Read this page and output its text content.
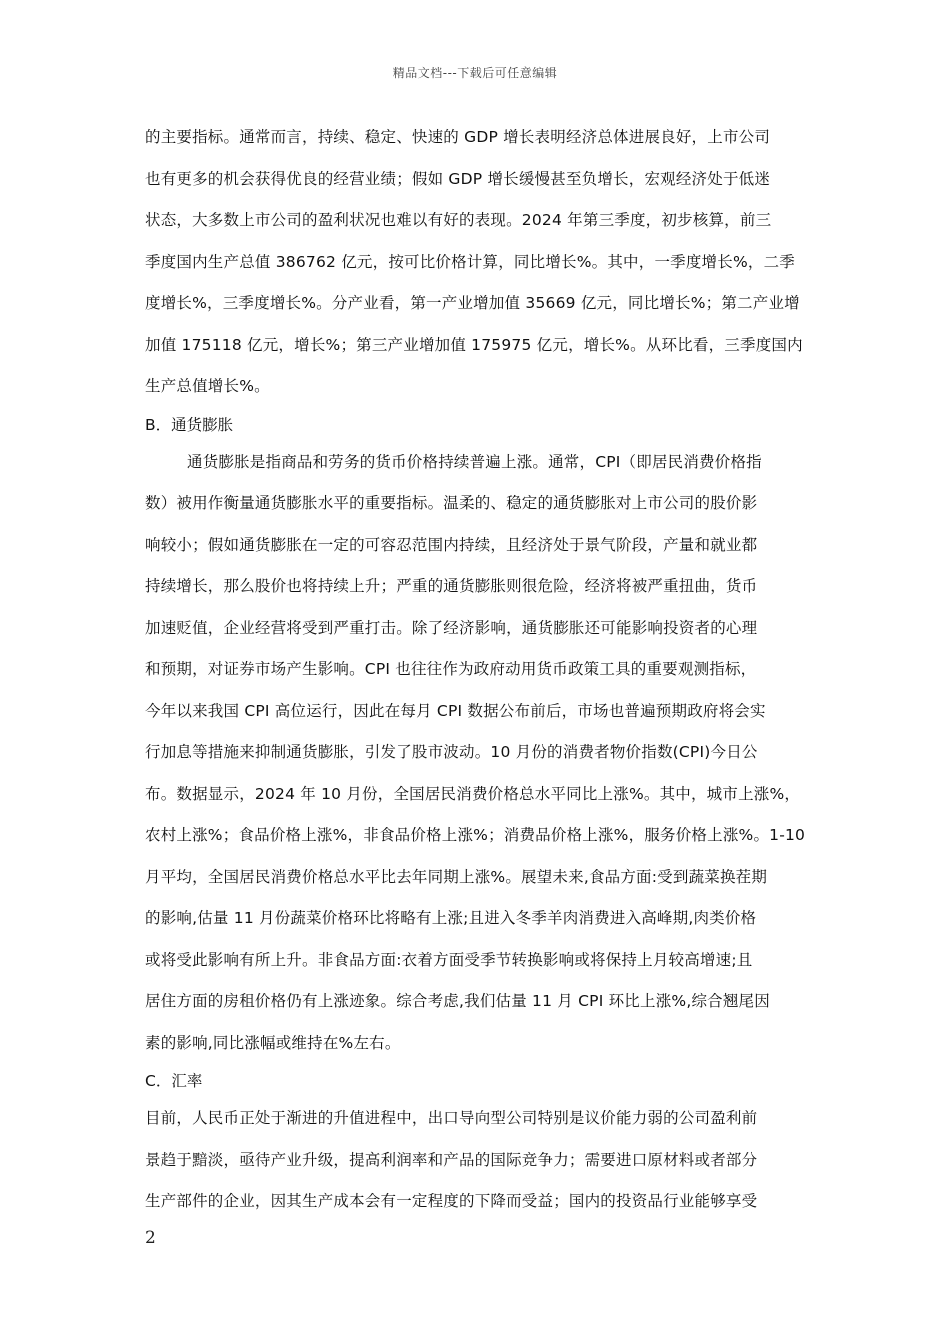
精品文档---下载后可任意编辑
的主要指标。通常而言，持续、稳定、快速的 GDP 增长表明经济总体进展良好，上市公司
也有更多的机会获得优良的经营业绩；假如 GDP 增长缓慢甚至负增长，宏观经济处于低迷
状态，大多数上市公司的盈利状况也难以有好的表现。2024 年第三季度，初步核算，前三
季度国内生产总值 386762 亿元，按可比价格计算，同比增长%。其中，一季度增长%，二季
度增长%，三季度增长%。分产业看，第一产业增加值 35669 亿元，同比增长%；第二产业增
加值 175118 亿元，增长%；第三产业增加值 175975 亿元，增长%。从环比看，三季度国内
生产总值增长%。
B．通货膨胀
通货膨胀是指商品和劳务的货币价格持续普遍上涨。通常，CPI（即居民消费价格指
数）被用作衡量通货膨胀水平的重要指标。温柔的、稳定的通货膨胀对上市公司的股价影
响较小；假如通货膨胀在一定的可容忍范围内持续，且经济处于景气阶段，产量和就业都
持续增长，那么股价也将持续上升；严重的通货膨胀则很危险，经济将被严重扭曲，货币
加速贬值，企业经营将受到严重打击。除了经济影响，通货膨胀还可能影响投资者的心理
和预期，对证券市场产生影响。CPI 也往往作为政府动用货币政策工具的重要观测指标，
今年以来我国 CPI 高位运行，因此在每月 CPI 数据公布前后，市场也普遍预期政府将会实
行加息等措施来抑制通货膨胀，引发了股市波动。10 月份的消费者物价指数(CPI)今日公
布。数据显示，2024 年 10 月份，全国居民消费价格总水平同比上涨%。其中，城市上涨%，
农村上涨%；食品价格上涨%，非食品价格上涨%；消费品价格上涨%，服务价格上涨%。1-10
月平均，全国居民消费价格总水平比去年同期上涨%。展望未来,食品方面:受到蔬菜换茬期
的影响,估量 11 月份蔬菜价格环比将略有上涨;且进入冬季羊肉消费进入高峰期,肉类价格
或将受此影响有所上升。非食品方面:衣着方面受季节转换影响或将保持上月较高增速;且
居住方面的房租价格仍有上涨迹象。综合考虑,我们估量 11 月 CPI 环比上涨%,综合翘尾因
素的影响,同比涨幅或维持在%左右。
C．汇率
目前，人民币正处于渐进的升值进程中，出口导向型公司特别是议价能力弱的公司盈利前
景趋于黯淡，亟待产业升级，提高利润率和产品的国际竞争力；需要进口原材料或者部分
生产部件的企业，因其生产成本会有一定程度的下降而受益；国内的投资品行业能够享受
2
